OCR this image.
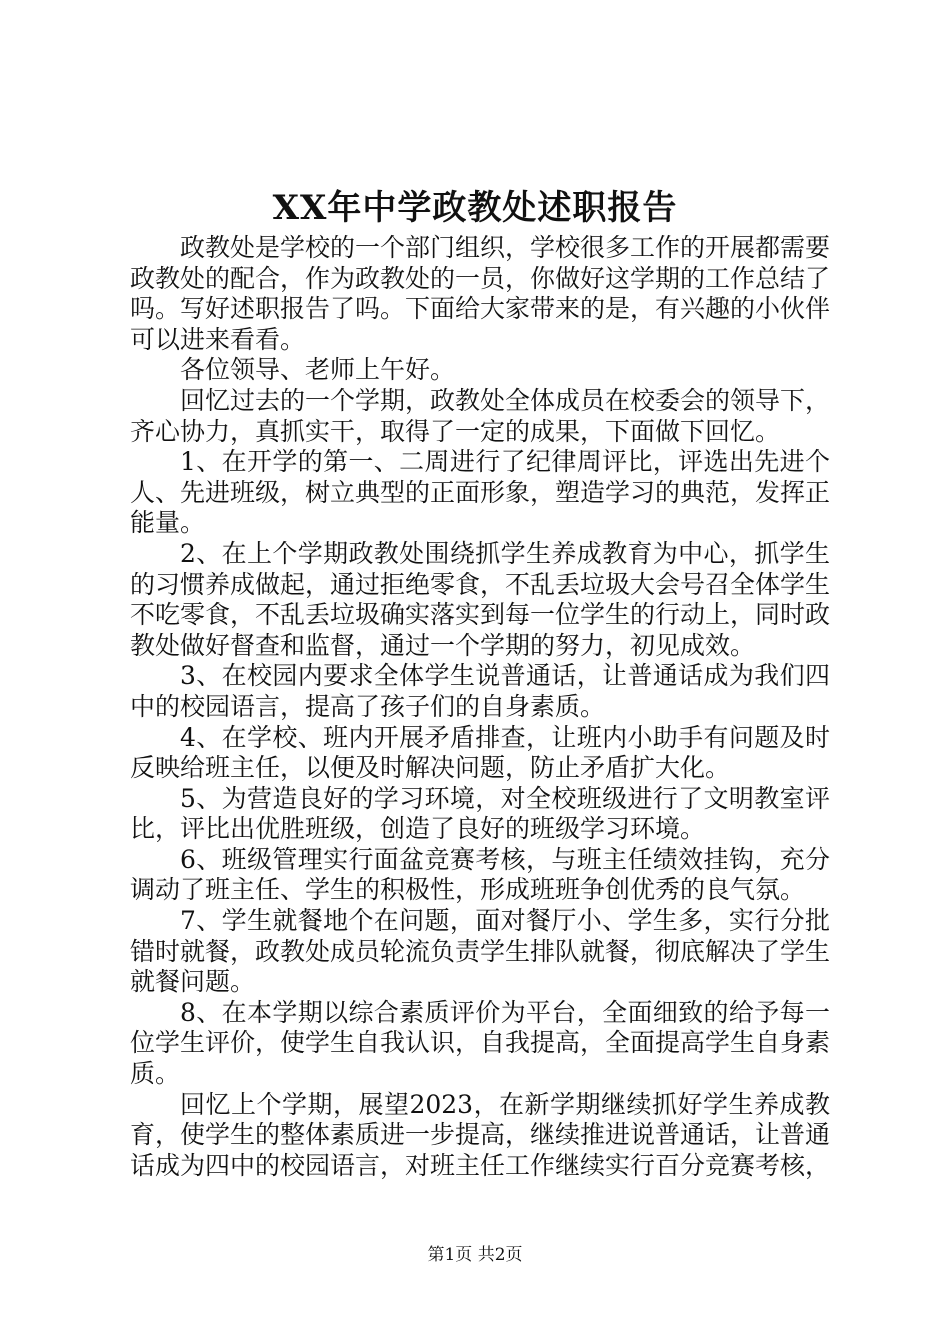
XX年中学政教处述职报告

政教处是学校的一个部门组织，学校很多工作的开展都需要政教处的配合，作为政教处的一员，你做好这学期的工作总结了吗。写好述职报告了吗。下面给大家带来的是，有兴趣的小伙伴可以进来看看。

各位领导、老师上午好。

回忆过去的一个学期，政教处全体成员在校委会的领导下，齐心协力，真抓实干，取得了一定的成果，下面做下回忆。

1、在开学的第一、二周进行了纪律周评比，评选出先进个人、先进班级，树立典型的正面形象，塑造学习的典范，发挥正能量。

2、在上个学期政教处围绕抓学生养成教育为中心，抓学生的习惯养成做起，通过拒绝零食，不乱丢垃圾大会号召全体学生不吃零食，不乱丢垃圾确实落实到每一位学生的行动上，同时政教处做好督查和监督，通过一个学期的努力，初见成效。

3、在校园内要求全体学生说普通话，让普通话成为我们四中的校园语言，提高了孩子们的自身素质。

4、在学校、班内开展矛盾排查，让班内小助手有问题及时反映给班主任，以便及时解决问题，防止矛盾扩大化。

5、为营造良好的学习环境，对全校班级进行了文明教室评比，评比出优胜班级，创造了良好的班级学习环境。

6、班级管理实行面盆竞赛考核，与班主任绩效挂钩，充分调动了班主任、学生的积极性，形成班班争创优秀的良气氛。

7、学生就餐地个在问题，面对餐厅小、学生多，实行分批错时就餐，政教处成员轮流负责学生排队就餐，彻底解决了学生就餐问题。

8、在本学期以综合素质评价为平台，全面细致的给予每一位学生评价，使学生自我认识，自我提高，全面提高学生自身素质。

回忆上个学期，展望2023，在新学期继续抓好学生养成教育，使学生的整体素质进一步提高，继续推进说普通话，让普通话成为四中的校园语言，对班主任工作继续实行百分竞赛考核，

第1页 共2页
